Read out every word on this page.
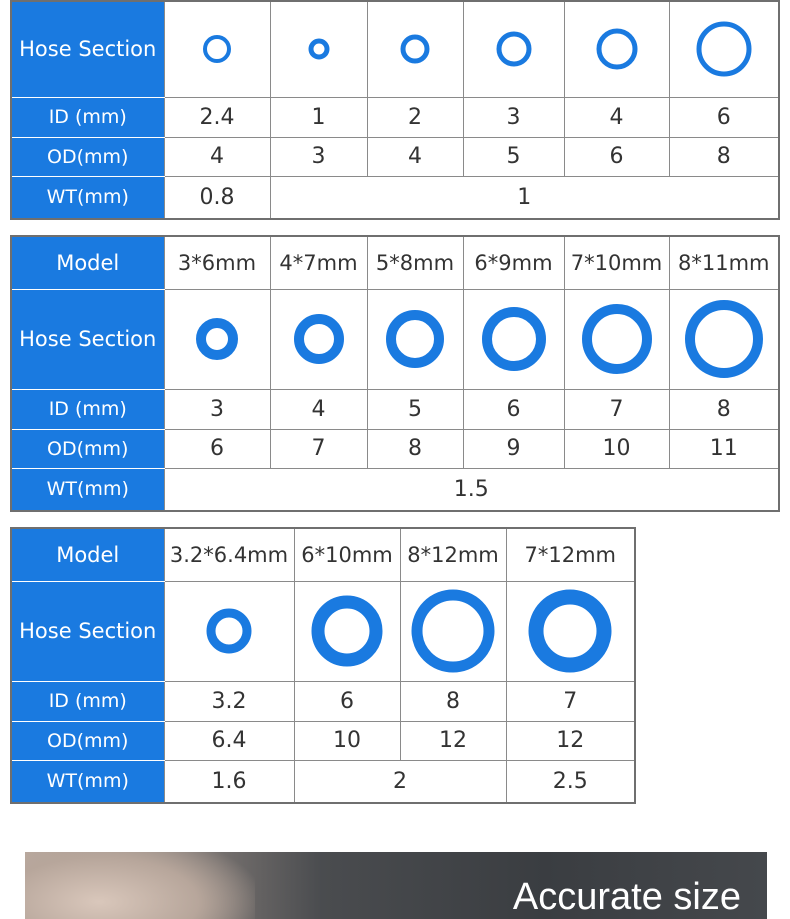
Hose Section	

ID (mm)	2.4	1	2	3	4	6
OD(mm)	4	3	4	5	6	8
WT(mm)	0.8	1				
Model	3*6mm	4*7mm	5*8mm	6*9mm	7*10mm	8*11mm
Hose Section	

ID (mm)	3	4	5	6	7	8
OD(mm)	6	7	8	9	10	11
WT(mm)	1.5					
Model	3.2*6.4mm	6*10mm	8*12mm	7*12mm
Hose Section	

ID (mm)	3.2	6	8	7
OD(mm)	6.4	10	12	12
WT(mm)	1.6	2		2.5
Accurate size
